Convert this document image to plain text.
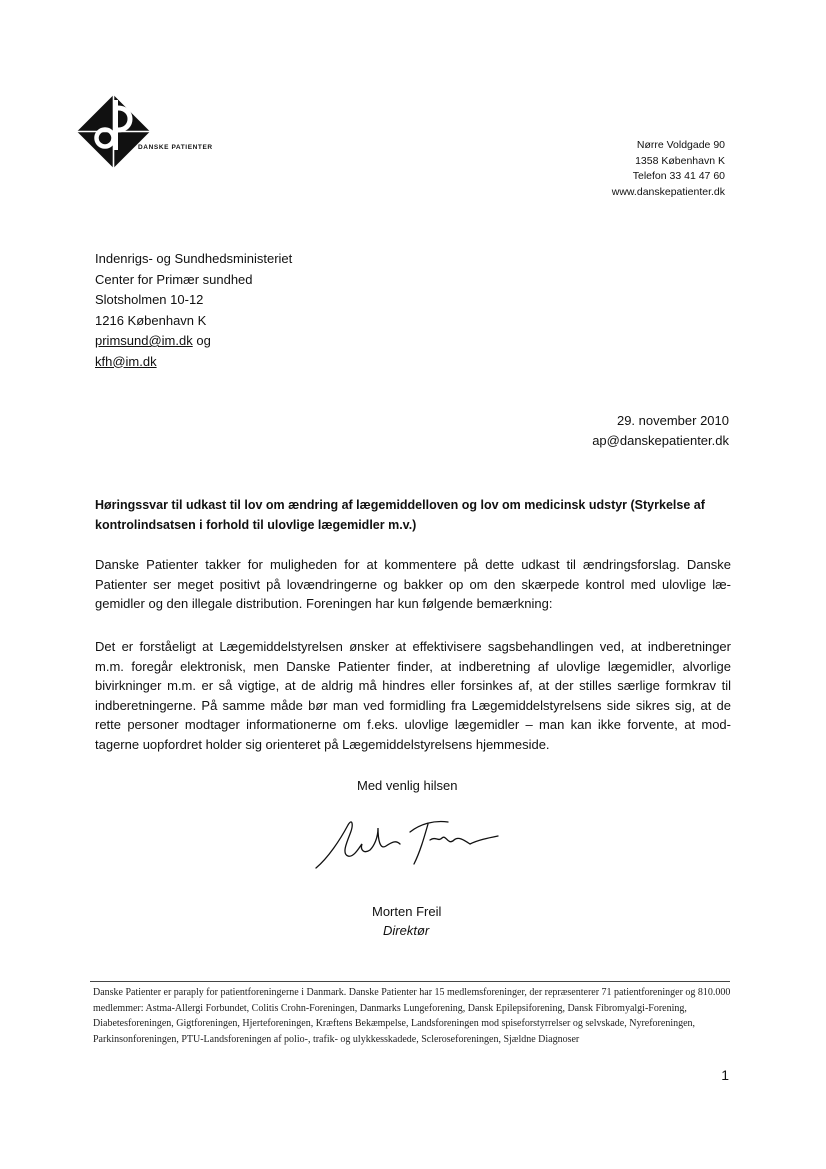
DANSKE PATIENTER	Nørre Voldgade 90
1358 København K
Telefon 33 41 47 60
www.danskepatienter.dk
Indenrigs- og Sundhedsministeriet
Center for Primær sundhed
Slotsholmen 10-12
1216 København K
primsund@im.dk og
kfh@im.dk
29. november 2010
ap@danskepatienter.dk
Høringssvar til udkast til lov om ændring af lægemiddelloven og lov om medicinsk udstyr (Styrkelse af kontrolindsatsen i forhold til ulovlige lægemidler m.v.)
Danske Patienter takker for muligheden for at kommentere på dette udkast til ændringsforslag. Danske Patienter ser meget positivt på lovændringerne og bakker op om den skærpede kontrol med ulovlige læ-gemidler og den illegale distribution. Foreningen har kun følgende bemærkning:
Det er forståeligt at Lægemiddelstyrelsen ønsker at effektivisere sagsbehandlingen ved, at indberetninger m.m. foregår elektronisk, men Danske Patienter finder, at indberetning af ulovlige lægemidler, alvorlige bivirkninger m.m. er så vigtige, at de aldrig må hindres eller forsinkes af, at der stilles særlige formkrav til indberetningerne. På samme måde bør man ved formidling fra Lægemiddelstyrelsens side sikres sig, at de rette personer modtager informationerne om f.eks. ulovlige lægemidler – man kan ikke forvente, at mod-tagerne uopfordret holder sig orienteret på Lægemiddelstyrelsens hjemmeside.
Med venlig hilsen
Morten Freil
Direktør
Danske Patienter er paraply for patientforeningerne i Danmark. Danske Patienter har 15 medlemsforeninger, der repræsenterer 71 patientforeninger og 810.000 medlemmer: Astma-Allergi Forbundet, Colitis Crohn-Foreningen, Danmarks Lungeforening, Dansk Epilepsiforening, Dansk Fibromyalgi-Forening, Diabetesforeningen, Gigtforeningen, Hjerteforeningen, Kræftens Bekæmpelse, Landsforeningen mod spiseforstyrrelser og selvskade, Nyreforeningen, Parkinsonforeningen, PTU-Landsforeningen af polio-, trafik- og ulykkesskadede, Scleroseforeningen, Sjældne Diagnoser
1
